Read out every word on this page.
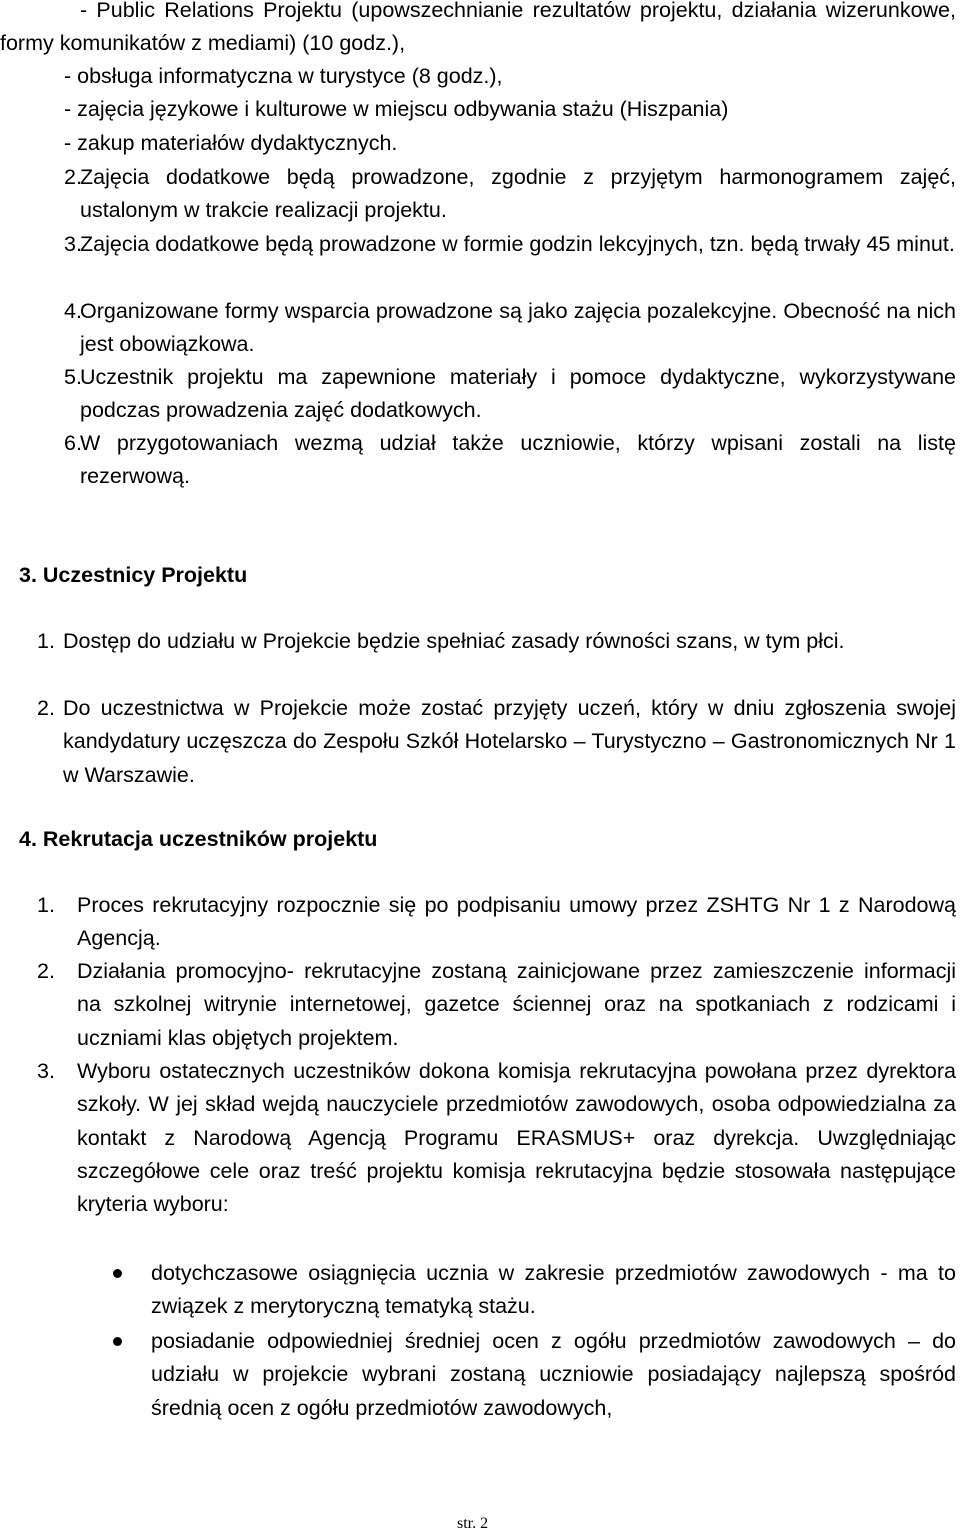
- Public Relations Projektu (upowszechnianie rezultatów projektu, działania wizerunkowe, formy komunikatów z mediami) (10 godz.),
- obsługa informatyczna w turystyce (8 godz.),
- zajęcia językowe i kulturowe w miejscu odbywania stażu (Hiszpania)
- zakup materiałów dydaktycznych.
2.
Zajęcia dodatkowe będą prowadzone, zgodnie z przyjętym harmonogramem zajęć, ustalonym w trakcie realizacji projektu.
3.
Zajęcia dodatkowe będą prowadzone w formie godzin lekcyjnych, tzn. będą trwały 45 minut.
4.
Organizowane formy wsparcia prowadzone są jako zajęcia pozalekcyjne. Obecność na nich jest obowiązkowa.
5.
Uczestnik projektu ma zapewnione materiały i pomoce dydaktyczne, wykorzystywane podczas prowadzenia zajęć dodatkowych.
6.
W przygotowaniach wezmą udział także uczniowie, którzy wpisani zostali na listę rezerwową.
3. Uczestnicy Projektu
1. Dostęp do udziału w Projekcie będzie spełniać zasady równości szans, w tym płci.
2. Do uczestnictwa w Projekcie może zostać przyjęty uczeń, który w dniu zgłoszenia swojej kandydatury uczęszcza do Zespołu Szkół Hotelarsko – Turystyczno – Gastronomicznych Nr 1 w Warszawie.
4. Rekrutacja uczestników projektu
1. Proces rekrutacyjny rozpocznie się po podpisaniu umowy przez ZSHTG Nr 1 z Narodową Agencją.
2. Działania promocyjno- rekrutacyjne zostaną zainicjowane przez zamieszczenie informacji na szkolnej witrynie internetowej, gazetce ściennej oraz na spotkaniach z rodzicami i uczniami klas objętych projektem.
3. Wyboru ostatecznych uczestników dokona komisja rekrutacyjna powołana przez dyrektora szkoły. W jej skład wejdą nauczyciele przedmiotów zawodowych, osoba odpowiedzialna za kontakt z Narodową Agencją Programu ERASMUS+ oraz dyrekcja. Uwzględniając szczegółowe cele oraz treść projektu komisja rekrutacyjna będzie stosowała następujące kryteria wyboru:
dotychczasowe osiągnięcia ucznia w zakresie przedmiotów zawodowych - ma to związek z merytoryczną tematyką stażu.
posiadanie odpowiedniej średniej ocen z ogółu przedmiotów zawodowych – do udziału w projekcie wybrani zostaną uczniowie posiadający najlepszą spośród średnią ocen z ogółu przedmiotów zawodowych,
str. 2
